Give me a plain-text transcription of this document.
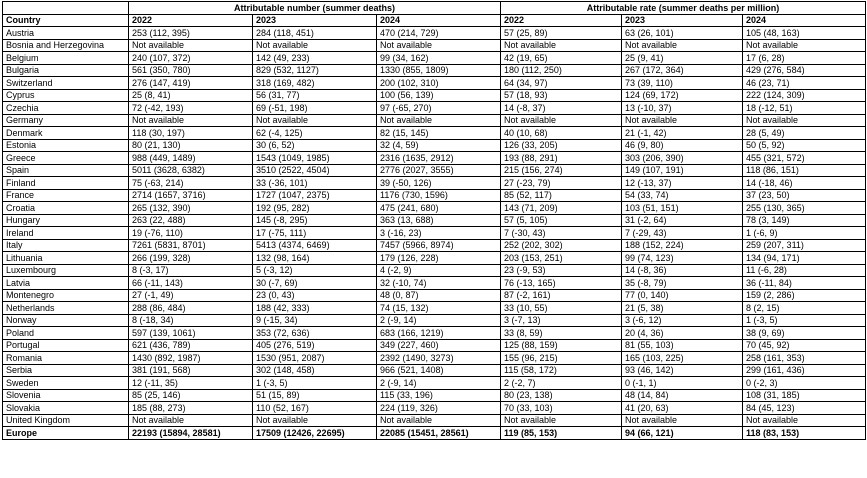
	Attributable number (summer deaths)			Attributable rate (summer deaths per million)		
Country	2022	2023	2024	2022	2023	2024
Austria	253 (112, 395)	284 (118, 451)	470 (214, 729)	57 (25, 89)	63 (26, 101)	105 (48, 163)
Bosnia and Herzegovina	Not available	Not available	Not available	Not available	Not available	Not available
Belgium	240 (107, 372)	142 (49, 233)	99 (34, 162)	42 (19, 65)	25 (9, 41)	17 (6, 28)
Bulgaria	561 (350, 780)	829 (532, 1127)	1330 (855, 1809)	180 (112, 250)	267 (172, 364)	429 (276, 584)
Switzerland	276 (147, 419)	318 (169, 482)	200 (102, 310)	64 (34, 97)	73 (39, 110)	46 (23, 71)
Cyprus	25 (8, 41)	56 (31, 77)	100 (56, 139)	57 (18, 93)	124 (69, 172)	222 (124, 309)
Czechia	72 (-42, 193)	69 (-51, 198)	97 (-65, 270)	14 (-8, 37)	13 (-10, 37)	18 (-12, 51)
Germany	Not available	Not available	Not available	Not available	Not available	Not available
Denmark	118 (30, 197)	62 (-4, 125)	82 (15, 145)	40 (10, 68)	21 (-1, 42)	28 (5, 49)
Estonia	80 (21, 130)	30 (6, 52)	32 (4, 59)	126 (33, 205)	46 (9, 80)	50 (5, 92)
Greece	988 (449, 1489)	1543 (1049, 1985)	2316 (1635, 2912)	193 (88, 291)	303 (206, 390)	455 (321, 572)
Spain	5011 (3628, 6382)	3510 (2522, 4504)	2776 (2027, 3555)	215 (156, 274)	149 (107, 191)	118 (86, 151)
Finland	75 (-63, 214)	33 (-36, 101)	39 (-50, 126)	27 (-23, 79)	12 (-13, 37)	14 (-18, 46)
France	2714 (1657, 3716)	1727 (1047, 2375)	1176 (730, 1596)	85 (52, 117)	54 (33, 74)	37 (23, 50)
Croatia	265 (132, 390)	192 (95, 282)	475 (241, 680)	143 (71, 209)	103 (51, 151)	255 (130, 365)
Hungary	263 (22, 488)	145 (-8, 295)	363 (13, 688)	57 (5, 105)	31 (-2, 64)	78 (3, 149)
Ireland	19 (-76, 110)	17 (-75, 111)	3 (-16, 23)	7 (-30, 43)	7 (-29, 43)	1 (-6, 9)
Italy	7261 (5831, 8701)	5413 (4374, 6469)	7457 (5966, 8974)	252 (202, 302)	188 (152, 224)	259 (207, 311)
Lithuania	266 (199, 328)	132 (98, 164)	179 (126, 228)	203 (153, 251)	99 (74, 123)	134 (94, 171)
Luxembourg	8 (-3, 17)	5 (-3, 12)	4 (-2, 9)	23 (-9, 53)	14 (-8, 36)	11 (-6, 28)
Latvia	66 (-11, 143)	30 (-7, 69)	32 (-10, 74)	76 (-13, 165)	35 (-8, 79)	36 (-11, 84)
Montenegro	27 (-1, 49)	23 (0, 43)	48 (0, 87)	87 (-2, 161)	77 (0, 140)	159 (2, 286)
Netherlands	288 (86, 484)	188 (42, 333)	74 (15, 132)	33 (10, 55)	21 (5, 38)	8 (2, 15)
Norway	8 (-18, 34)	9 (-15, 34)	2 (-9, 14)	3 (-7, 13)	3 (-6, 12)	1 (-3, 5)
Poland	597 (139, 1061)	353 (72, 636)	683 (166, 1219)	33 (8, 59)	20 (4, 36)	38 (9, 69)
Portugal	621 (436, 789)	405 (276, 519)	349 (227, 460)	125 (88, 159)	81 (55, 103)	70 (45, 92)
Romania	1430 (892, 1987)	1530 (951, 2087)	2392 (1490, 3273)	155 (96, 215)	165 (103, 225)	258 (161, 353)
Serbia	381 (191, 568)	302 (148, 458)	966 (521, 1408)	115 (58, 172)	93 (46, 142)	299 (161, 436)
Sweden	12 (-11, 35)	1 (-3, 5)	2 (-9, 14)	2 (-2, 7)	0 (-1, 1)	0 (-2, 3)
Slovenia	85 (25, 146)	51 (15, 89)	115 (33, 196)	80 (23, 138)	48 (14, 84)	108 (31, 185)
Slovakia	185 (88, 273)	110 (52, 167)	224 (119, 326)	70 (33, 103)	41 (20, 63)	84 (45, 123)
United Kingdom	Not available	Not available	Not available	Not available	Not available	Not available
Europe	22193 (15894, 28581)	17509 (12426, 22695)	22085 (15451, 28561)	119 (85, 153)	94 (66, 121)	118 (83, 153)
